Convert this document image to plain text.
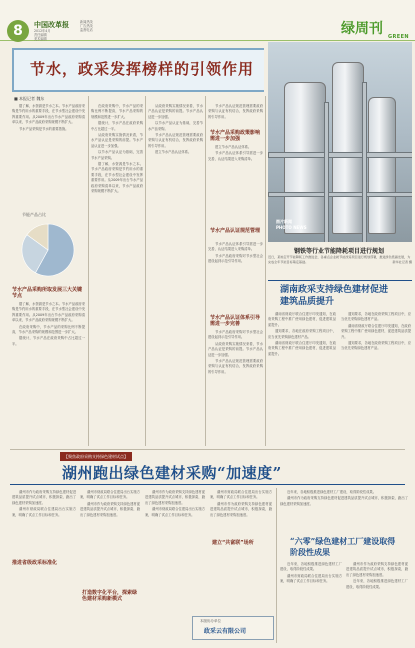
8	中国改革报
2012年4月
责任编辑
美术编辑
新闻热线
广告热线
监督电话	绿周刊 GREEN
节水，政采发挥榜样的引领作用
■ 本报记者 魏东

据了解，水资源是节水之本。节水产品政府采购是节约用水的重要手段，在节水型社会建设中发挥重要作用。从2009年出台节水产品政府采购清单以来，节水产品政府采购规模不断扩大。

节水产品采购是节水的重要措施。

节能产品占比
节水产品采购所取发展三大关键节点

据了解，水资源是节水之本。节水产品政府采购是节约用水的重要手段，在节水型社会建设中发挥重要作用。从2009年出台节水产品政府采购清单以来，节水产品政府采购规模不断扩大。

在政府采购中，节水产品的采购比例不断提高，节水产品采购的规模和范围进一步扩大。

据统计，节水产品在政府采购中占比超过一半。

在政府采购中，节水产品的采购比例不断提高，节水产品采购的规模和范围进一步扩大。

据统计，节水产品在政府采购中占比超过一半。

从政府采购实施情况来看，节水产品认证是采购的前提。节水产品认证进一步加强。

以节水产品认证为基础，完善节水产品采购。

据了解，水资源是节水之本。节水产品政府采购是节约用水的重要手段，在节水型社会建设中发挥重要作用。从2009年出台节水产品政府采购清单以来，节水产品政府采购规模不断扩大。

从政府采购实施情况来看，节水产品认证是采购的前提。节水产品认证进一步加强。

以节水产品认证为基础，完善节水产品采购。

节水产品认证规范管理需要政府采购与认证有机结合，发挥政府采购的引导作用。

建立节水产品认证体系。

节水产品采购政策影响需进一步加强

节水产品认证规范管理需要政府采购与认证有机结合，发挥政府采购的引导作用。

建立节水产品认证体系。

节水产品认证体系引导需进一步完善，认证结果进入采购清单。

节水产品认证规范管理

节水产品认证体系引导需进一步完善，认证结果进入采购清单。

节水产品政府采购对节水型社会建设起到示范引导作用。

节水产品认证体系引导需进一步完善

节水产品政府采购对节水型社会建设起到示范引导作用。

从政府采购实施情况来看，节水产品认证是采购的前提。节水产品认证进一步加强。

节水产品认证规范管理需要政府采购与认证有机结合，发挥政府采购的引导作用。

图片新闻
PHOTO NEWS
钢铁等行业节能降耗项目进行规划
近日，某地召开节能降耗工作推进会，各重点企业就节能改造项目进行规划部署，推进绿色低碳发展，为完成全年节能目标奠定基础。	新华社记者 摄
湖南政采支持绿色建材促进
建筑品质提升

湖南省财政厅联合住建厅印发通知，在政府采购工程中推广使用绿色建材，促进建筑品质提升。

通知要求，各地在政府采购工程项目中，应当优先采购绿色建材产品。

湖南省财政厅联合住建厅印发通知，在政府采购工程中推广使用绿色建材，促进建筑品质提升。

通知要求，各地在政府采购工程项目中，应当优先采购绿色建材产品。

湖南省财政厅联合住建厅印发通知，在政府采购工程中推广使用绿色建材，促进建筑品质提升。

通知要求，各地在政府采购工程项目中，应当优先采购绿色建材产品。

【聚焦政府采购支持绿色建材试点】
湖州跑出绿色建材采购“加速度”

湖州市作为政府采购支持绿色建材促进建筑品质提升试点城市，积极探索，跑出了绿色建材采购加速度。

湖州市财政局联合住建局出台实施方案，明确了试点工作目标和任务。

推进省级政采标准化

湖州市财政局联合住建局出台实施方案，明确了试点工作目标和任务。

湖州市作为政府采购支持绿色建材促进建筑品质提升试点城市，积极探索，跑出了绿色建材采购加速度。

打造数字化平台，探索绿色建材采购新模式

湖州市作为政府采购支持绿色建材促进建筑品质提升试点城市，积极探索，跑出了绿色建材采购加速度。

湖州市财政局联合住建局出台实施方案，明确了试点工作目标和任务。

湖州市财政局联合住建局出台实施方案，明确了试点工作目标和任务。

湖州市作为政府采购支持绿色建材促进建筑品质提升试点城市，积极探索，跑出了绿色建材采购加速度。

建立“共富联”场所
本版协办单位
政采云有限公司

近年来，各地积极推进绿色建材工厂建设，取得阶段性成果。

湖州市作为政府采购支持绿色建材促进建筑品质提升试点城市，积极探索，跑出了绿色建材采购加速度。

“六零”绿色建材工厂建设取得
阶段性成果

近年来，各地积极推进绿色建材工厂建设，取得阶段性成果。

湖州市财政局联合住建局出台实施方案，明确了试点工作目标和任务。

湖州市作为政府采购支持绿色建材促进建筑品质提升试点城市，积极探索，跑出了绿色建材采购加速度。

近年来，各地积极推进绿色建材工厂建设，取得阶段性成果。
